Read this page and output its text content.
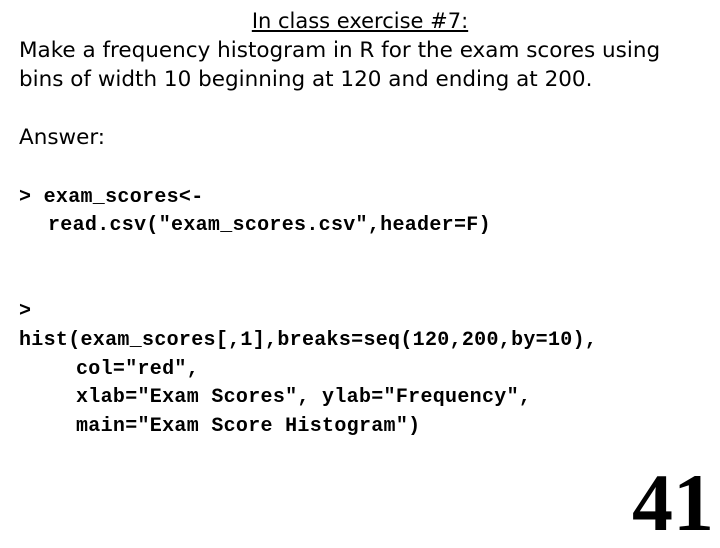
In class exercise #7:
Make a frequency histogram in R for the exam scores using
bins of width 10 beginning at 120 and ending at 200.
Answer:
> exam_scores<-
read.csv("exam_scores.csv",header=F)
>
hist(exam_scores[,1],breaks=seq(120,200,by=10),
col="red",
xlab="Exam Scores", ylab="Frequency",
main="Exam Score Histogram")
41
